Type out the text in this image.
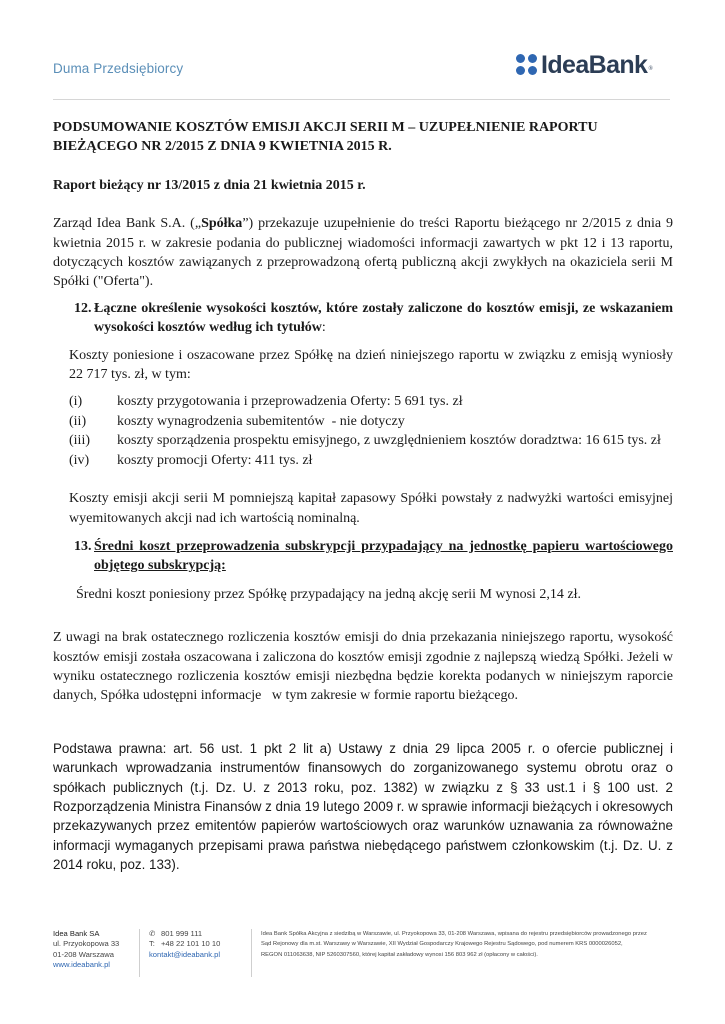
Duma Przedsiębiorcy	IdeaBank ®

PODSUMOWANIE KOSZTÓW EMISJI AKCJI SERII M – UZUPEŁNIENIE RAPORTU BIEŻĄCEGO NR 2/2015 Z DNIA 9 KWIETNIA 2015 R.

Raport bieżący nr 13/2015 z dnia 21 kwietnia 2015 r.

Zarząd Idea Bank S.A. („Spółka”) przekazuje uzupełnienie do treści Raportu bieżącego nr 2/2015 z dnia 9 kwietnia 2015 r. w zakresie podania do publicznej wiadomości informacji zawartych w pkt 12 i 13 raportu, dotyczących kosztów zawiązanych z przeprowadzoną ofertą publiczną akcji zwykłych na okaziciela serii M Spółki ("Oferta").

12. Łączne określenie wysokości kosztów, które zostały zaliczone do kosztów emisji, ze wskazaniem wysokości kosztów według ich tytułów:

Koszty poniesione i oszacowane przez Spółkę na dzień niniejszego raportu w związku z emisją wyniosły 22 717 tys. zł, w tym:

(i)	koszty przygotowania i przeprowadzenia Oferty: 5 691 tys. zł
(ii)	koszty wynagrodzenia subemitentów  - nie dotyczy
(iii)	koszty sporządzenia prospektu emisyjnego, z uwzględnieniem kosztów doradztwa: 16 615 tys. zł
(iv)	koszty promocji Oferty: 411 tys. zł

Koszty emisji akcji serii M pomniejszą kapitał zapasowy Spółki powstały z nadwyżki wartości emisyjnej wyemitowanych akcji nad ich wartością nominalną.

13. Średni koszt przeprowadzenia subskrypcji przypadający na jednostkę papieru wartościowego objętego subskrypcją:

Średni koszt poniesiony przez Spółkę przypadający na jedną akcję serii M wynosi 2,14 zł.

Z uwagi na brak ostatecznego rozliczenia kosztów emisji do dnia przekazania niniejszego raportu, wysokość kosztów emisji została oszacowana i zaliczona do kosztów emisji zgodnie z najlepszą wiedzą Spółki. Jeżeli w wyniku ostatecznego rozliczenia kosztów emisji niezbędna będzie korekta podanych w niniejszym raporcie danych, Spółka udostępni informacje   w tym zakresie w formie raportu bieżącego.

Podstawa prawna: art. 56 ust. 1 pkt 2 lit a) Ustawy z dnia 29 lipca 2005 r. o ofercie publicznej i warunkach wprowadzania instrumentów finansowych do zorganizowanego systemu obrotu oraz o spółkach publicznych (t.j. Dz. U. z 2013 roku, poz. 1382) w związku z § 33 ust.1 i § 100 ust. 2 Rozporządzenia Ministra Finansów z dnia 19 lutego 2009 r. w sprawie informacji bieżących i okresowych przekazywanych przez emitentów papierów wartościowych oraz warunków uznawania za równoważne informacji wymaganych przepisami prawa państwa niebędącego państwem członkowskim (t.j. Dz. U. z 2014 roku, poz. 133).

Idea Bank SA
ul. Przyokopowa 33
01-208 Warszawa
www.ideabank.pl
✆ 801 999 111
T: +48 22 101 10 10
kontakt@ideabank.pl
Idea Bank Spółka Akcyjna z siedzibą w Warszawie, ul. Przyokopowa 33, 01-208 Warszawa, wpisana do rejestru przedsiębiorców prowadzonego przez
Sąd Rejonowy dla m.st. Warszawy w Warszawie, XII Wydział Gospodarczy Krajowego Rejestru Sądowego, pod numerem KRS 0000026052,
REGON 011063638, NIP 5260307560, której kapitał zakładowy wynosi 156 803 962 zł (opłacony w całości).
